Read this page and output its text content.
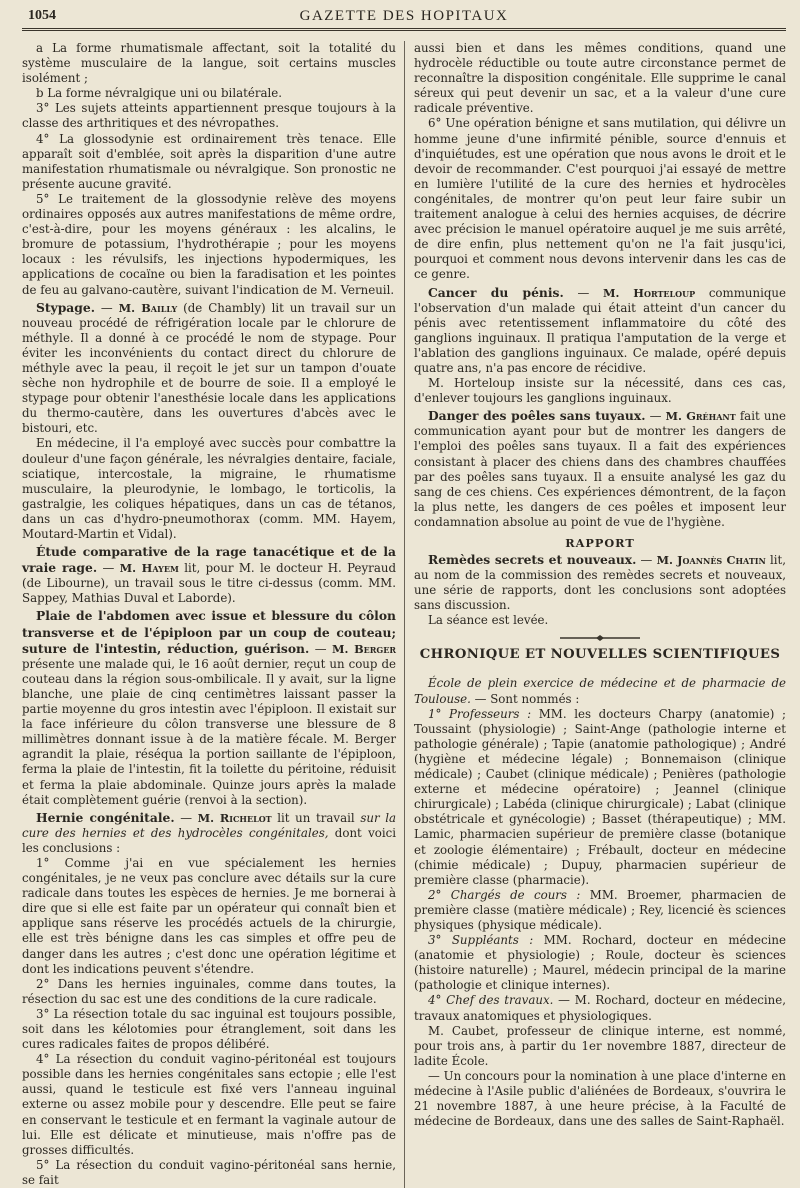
1054	GAZETTE DES HOPITAUX

a La forme rhumatismale affectant, soit la totalité du système musculaire de la langue, soit certains muscles isolément ;

b La forme névralgique uni ou bilatérale.

3° Les sujets atteints appartiennent presque toujours à la classe des arthritiques et des névropathes.

4° La glossodynie est ordinairement très tenace. Elle apparaît soit d'emblée, soit après la disparition d'une autre manifestation rhumatismale ou névralgique. Son pronostic ne présente aucune gravité.

5° Le traitement de la glossodynie relève des moyens ordinaires opposés aux autres manifestations de même ordre, c'est-à-dire, pour les moyens généraux : les alcalins, le bromure de potassium, l'hydrothérapie ; pour les moyens locaux : les révulsifs, les injections hypodermiques, les applications de cocaïne ou bien la faradisation et les pointes de feu au galvano-cautère, suivant l'indication de M. Verneuil.

Stypage. — M. Bailly (de Chambly) lit un travail sur un nouveau procédé de réfrigération locale par le chlorure de méthyle. Il a donné à ce procédé le nom de stypage. Pour éviter les inconvénients du contact direct du chlorure de méthyle avec la peau, il reçoit le jet sur un tampon d'ouate sèche non hydrophile et de bourre de soie. Il a employé le stypage pour obtenir l'anesthésie locale dans les applications du thermo-cautère, dans les ouvertures d'abcès avec le bistouri, etc.

En médecine, il l'a employé avec succès pour combattre la douleur d'une façon générale, les névralgies dentaire, faciale, sciatique, intercostale, la migraine, le rhumatisme musculaire, la pleurodynie, le lombago, le torticolis, la gastralgie, les coliques hépatiques, dans un cas de tétanos, dans un cas d'hydro-pneumothorax (comm. MM. Hayem, Moutard-Martin et Vidal).

Étude comparative de la rage tanacétique et de la vraie rage. — M. Hayem lit, pour M. le docteur H. Peyraud (de Libourne), un travail sous le titre ci-dessus (comm. MM. Sappey, Mathias Duval et Laborde).

Plaie de l'abdomen avec issue et blessure du côlon transverse et de l'épiploon par un coup de couteau; suture de l'intestin, réduction, guérison. — M. Berger présente une malade qui, le 16 août dernier, reçut un coup de couteau dans la région sous-ombilicale. Il y avait, sur la ligne blanche, une plaie de cinq centimètres laissant passer la partie moyenne du gros intestin avec l'épiploon. Il existait sur la face inférieure du côlon transverse une blessure de 8 millimètres donnant issue à de la matière fécale. M. Berger agrandit la plaie, réséqua la portion saillante de l'épiploon, ferma la plaie de l'intestin, fit la toilette du péritoine, réduisit et ferma la plaie abdominale. Quinze jours après la malade était complètement guérie (renvoi à la section).

Hernie congénitale. — M. Richelot lit un travail sur la cure des hernies et des hydrocèles congénitales, dont voici les conclusions :

1° Comme j'ai en vue spécialement les hernies congénitales, je ne veux pas conclure avec détails sur la cure radicale dans toutes les espèces de hernies. Je me bornerai à dire que si elle est faite par un opérateur qui connaît bien et applique sans réserve les procédés actuels de la chirurgie, elle est très bénigne dans les cas simples et offre peu de danger dans les autres ; c'est donc une opération légitime et dont les indications peuvent s'étendre.

2° Dans les hernies inguinales, comme dans toutes, la résection du sac est une des conditions de la cure radicale.

3° La résection totale du sac inguinal est toujours possible, soit dans les kélotomies pour étranglement, soit dans les cures radicales faites de propos délibéré.

4° La résection du conduit vagino-péritonéal est toujours possible dans les hernies congénitales sans ectopie ; elle l'est aussi, quand le testicule est fixé vers l'anneau inguinal externe ou assez mobile pour y descendre. Elle peut se faire en conservant le testicule et en fermant la vaginale autour de lui. Elle est délicate et minutieuse, mais n'offre pas de grosses difficultés.

5° La résection du conduit vagino-péritonéal sans hernie, se fait

aussi bien et dans les mêmes conditions, quand une hydrocèle réductible ou toute autre circonstance permet de reconnaître la disposition congénitale. Elle supprime le canal séreux qui peut devenir un sac, et a la valeur d'une cure radicale préventive.

6° Une opération bénigne et sans mutilation, qui délivre un homme jeune d'une infirmité pénible, source d'ennuis et d'inquiétudes, est une opération que nous avons le droit et le devoir de recommander. C'est pourquoi j'ai essayé de mettre en lumière l'utilité de la cure des hernies et hydrocèles congénitales, de montrer qu'on peut leur faire subir un traitement analogue à celui des hernies acquises, de décrire avec précision le manuel opératoire auquel je me suis arrêté, de dire enfin, plus nettement qu'on ne l'a fait jusqu'ici, pourquoi et comment nous devons intervenir dans les cas de ce genre.

Cancer du pénis. — M. Horteloup communique l'observation d'un malade qui était atteint d'un cancer du pénis avec retentissement inflammatoire du côté des ganglions inguinaux. Il pratiqua l'amputation de la verge et l'ablation des ganglions inguinaux. Ce malade, opéré depuis quatre ans, n'a pas encore de récidive.

M. Horteloup insiste sur la nécessité, dans ces cas, d'enlever toujours les ganglions inguinaux.

Danger des poêles sans tuyaux. — M. Gréhant fait une communication ayant pour but de montrer les dangers de l'emploi des poêles sans tuyaux. Il a fait des expériences consistant à placer des chiens dans des chambres chauffées par des poêles sans tuyaux. Il a ensuite analysé les gaz du sang de ces chiens. Ces expériences démontrent, de la façon la plus nette, les dangers de ces poêles et imposent leur condamnation absolue au point de vue de l'hygiène.

RAPPORT

Remèdes secrets et nouveaux. — M. Joannès Chatin lit, au nom de la commission des remèdes secrets et nouveaux, une série de rapports, dont les conclusions sont adoptées sans discussion.

La séance est levée.

CHRONIQUE ET NOUVELLES SCIENTIFIQUES

École de plein exercice de médecine et de pharmacie de Toulouse. — Sont nommés :

1° Professeurs : MM. les docteurs Charpy (anatomie) ; Toussaint (physiologie) ; Saint-Ange (pathologie interne et pathologie générale) ; Tapie (anatomie pathologique) ; André (hygiène et médecine légale) ; Bonnemaison (clinique médicale) ; Caubet (clinique médicale) ; Penières (pathologie externe et médecine opératoire) ; Jeannel (clinique chirurgicale) ; Labéda (clinique chirurgicale) ; Labat (clinique obstétricale et gynécologie) ; Basset (thérapeutique) ; MM. Lamic, pharmacien supérieur de première classe (botanique et zoologie élémentaire) ; Frébault, docteur en médecine (chimie médicale) ; Dupuy, pharmacien supérieur de première classe (pharmacie).

2° Chargés de cours : MM. Broemer, pharmacien de première classe (matière médicale) ; Rey, licencié ès sciences physiques (physique médicale).

3° Suppléants : MM. Rochard, docteur en médecine (anatomie et physiologie) ; Roule, docteur ès sciences (histoire naturelle) ; Maurel, médecin principal de la marine (pathologie et clinique internes).

4° Chef des travaux. — M. Rochard, docteur en médecine, travaux anatomiques et physiologiques.

M. Caubet, professeur de clinique interne, est nommé, pour trois ans, à partir du 1er novembre 1887, directeur de ladite École.

— Un concours pour la nomination à une place d'interne en médecine à l'Asile public d'aliénées de Bordeaux, s'ouvrira le 21 novembre 1887, à une heure précise, à la Faculté de médecine de Bordeaux, dans une des salles de Saint-Raphaël.
